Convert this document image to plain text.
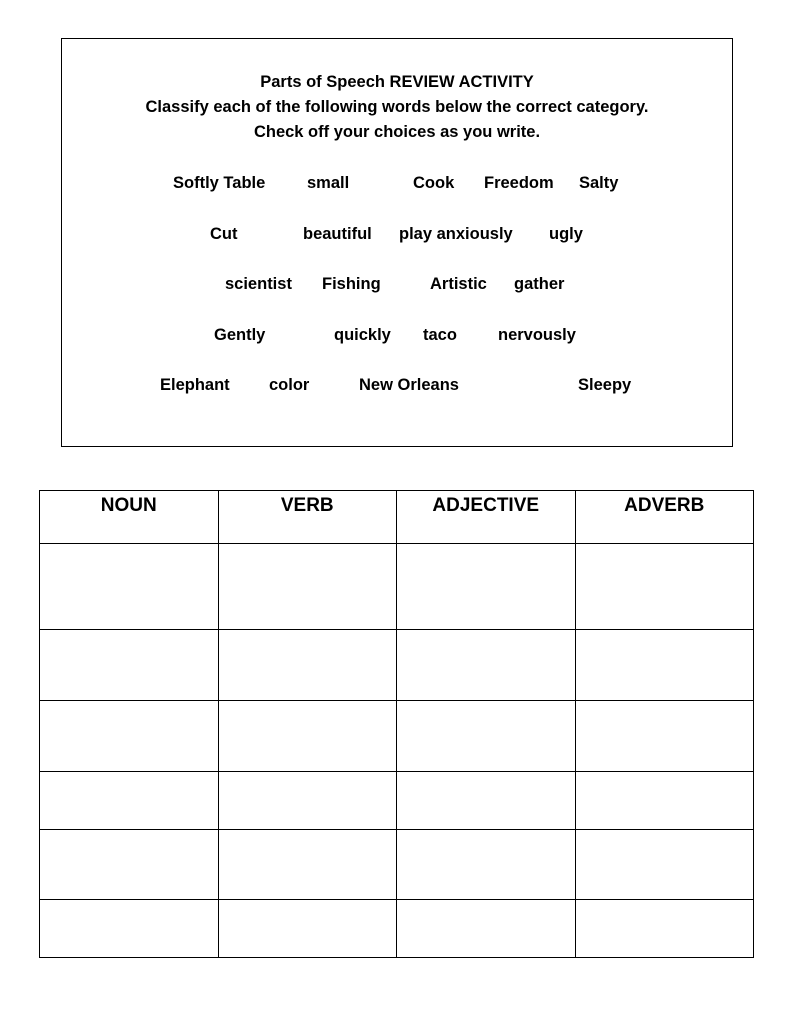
Parts of Speech REVIEW ACTIVITY
Classify each of the following words below the correct category.
Check off your choices as you write.
Softly Table	small	Cook Freedom Salty
Cut	beautiful play anxiously ugly
scientist Fishing	Artistic gather
Gently	quickly taco nervously
Elephant color	New Orleans	Sleepy
NOUN	VERB	ADJECTIVE	ADVERB
